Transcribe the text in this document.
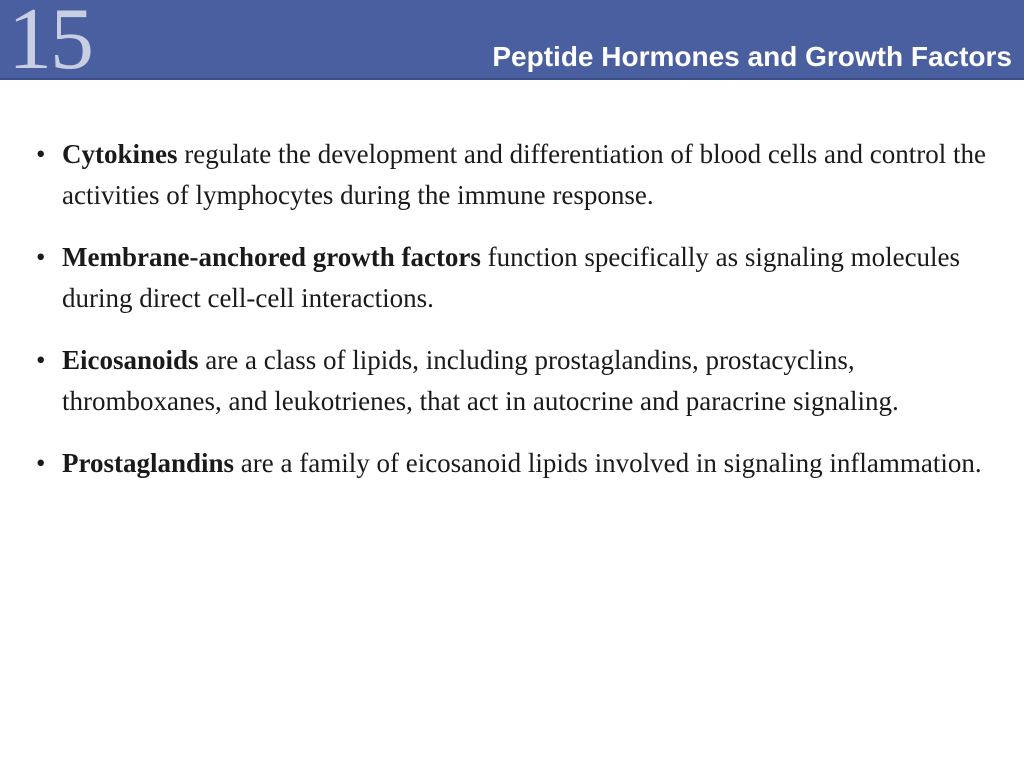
15	Peptide Hormones and Growth Factors
• Cytokines regulate the development and differentiation of blood cells and control the activities of lymphocytes during the immune response.
• Membrane-anchored growth factors function specifically as signaling molecules during direct cell-cell interactions.
• Eicosanoids are a class of lipids, including prostaglandins, prostacyclins, thromboxanes, and leukotrienes, that act in autocrine and paracrine signaling.
• Prostaglandins are a family of eicosanoid lipids involved in signaling inflammation.
